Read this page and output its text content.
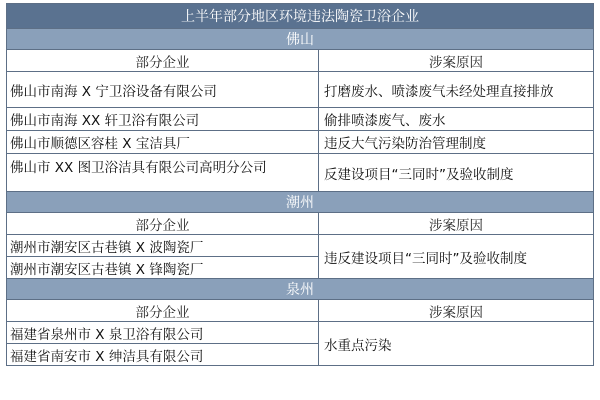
上半年部分地区环境违法陶瓷卫浴企业	
佛山	
部分企业	涉案原因
佛山市南海 X 宁卫浴设备有限公司	打磨废水、喷漆废气未经处理直接排放
佛山市南海 XX 轩卫浴有限公司	偷排喷漆废气、废水
佛山市顺德区容桂 X 宝洁具厂	违反大气污染防治管理制度
佛山市 XX 图卫浴洁具有限公司高明分公司	反建设项目“三同时”及验收制度
潮州	
部分企业	涉案原因
潮州市潮安区古巷镇 X 波陶瓷厂	违反建设项目“三同时”及验收制度
潮州市潮安区古巷镇 X 锋陶瓷厂	
泉州	
部分企业	涉案原因
福建省泉州市 X 泉卫浴有限公司	水重点污染
福建省南安市 X 绅洁具有限公司	
